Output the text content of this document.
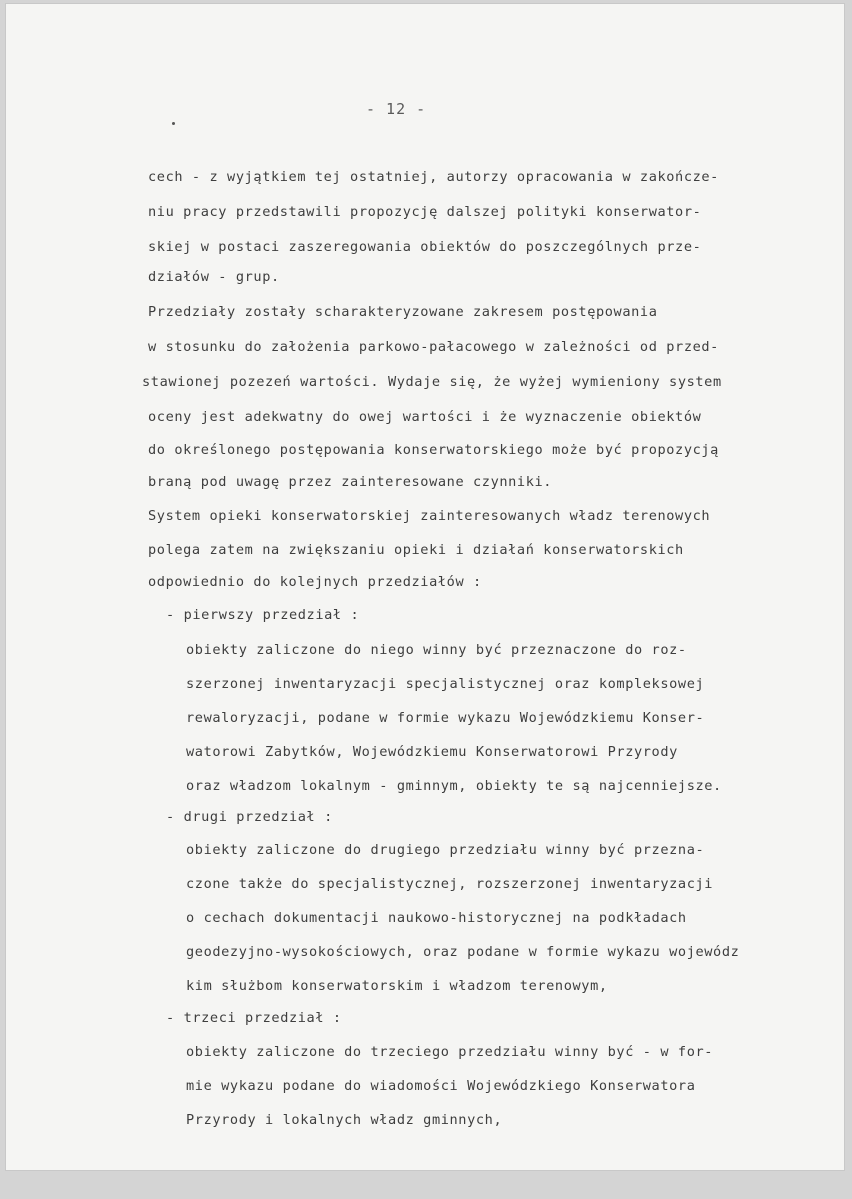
- 12 -
cech - z wyjątkiem tej ostatniej, autorzy opracowania w zakończe-
niu pracy przedstawili propozycję dalszej polityki konserwator-
skiej w postaci zaszeregowania obiektów do poszczególnych prze-
działów - grup.
Przedziały zostały scharakteryzowane zakresem postępowania
w stosunku do założenia parkowo-pałacowego w zależności od przed-
stawionej pozezeń wartości. Wydaje się, że wyżej wymieniony system
oceny jest adekwatny do owej wartości i że wyznaczenie obiektów
do określonego postępowania konserwatorskiego może być propozycją
braną pod uwagę przez zainteresowane czynniki.
System opieki konserwatorskiej zainteresowanych władz terenowych
polega zatem na zwiększaniu opieki i działań konserwatorskich
odpowiednio do kolejnych przedziałów :
- pierwszy przedział :
obiekty zaliczone do niego winny być przeznaczone do roz-
szerzonej inwentaryzacji specjalistycznej oraz kompleksowej
rewaloryzacji, podane w formie wykazu Wojewódzkiemu Konser-
watorowi Zabytków, Wojewódzkiemu Konserwatorowi Przyrody
oraz władzom lokalnym - gminnym, obiekty te są najcenniejsze.
- drugi przedział :
obiekty zaliczone do drugiego przedziału winny być przezna-
czone także do specjalistycznej, rozszerzonej inwentaryzacji
o cechach dokumentacji naukowo-historycznej na podkładach
geodezyjno-wysokościowych, oraz podane w formie wykazu wojewódz
kim służbom konserwatorskim i władzom terenowym,
- trzeci przedział :
obiekty zaliczone do trzeciego przedziału winny być - w for-
mie wykazu podane do wiadomości Wojewódzkiego Konserwatora
Przyrody i lokalnych władz gminnych,
